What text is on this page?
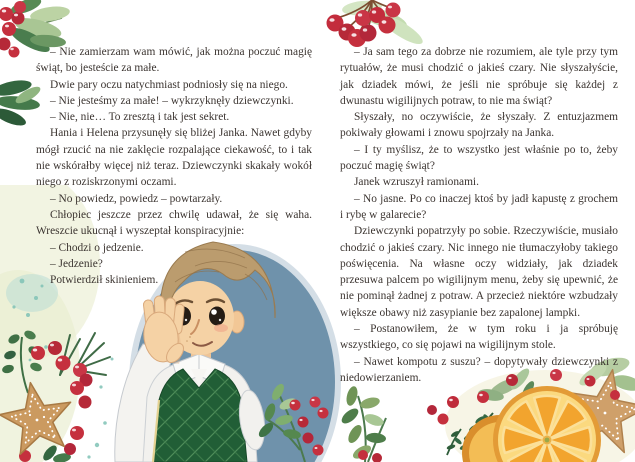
– Nie zamierzam wam mówić, jak można poczuć magię świąt, bo jesteście za małe.

Dwie pary oczu natychmiast podniosły się na niego.

– Nie jesteśmy za małe! – wykrzyknęły dziewczynki.

– Nie, nie… To zresztą i tak jest sekret.

Hania i Helena przysunęły się bliżej Janka. Nawet gdyby mógł rzucić na nie zaklęcie rozpalające ciekawość, to i tak nie wskórałby więcej niż teraz. Dziewczynki skakały wokół niego z roziskrzonymi oczami.

– No powiedz, powiedz – powtarzały.

Chłopiec jeszcze przez chwilę udawał, że się waha. Wreszcie ukucnął i wyszeptał konspiracyjnie:

– Chodzi o jedzenie.

– Jedzenie?

Potwierdził skinieniem.

– Ja sam tego za dobrze nie rozumiem, ale tyle przy tym rytuałów, że musi chodzić o jakieś czary. Nie słyszałyście, jak dziadek mówi, że jeśli nie spróbuje się każdej z dwunastu wigilijnych potraw, to nie ma świąt?

Słyszały, no oczywiście, że słyszały. Z entuzjazmem pokiwały głowami i znowu spojrzały na Janka.

– I ty myślisz, że to wszystko jest właśnie po to, żeby poczuć magię świąt?

Janek wzruszył ramionami.

– No jasne. Po co inaczej ktoś by jadł kapustę z grochem i rybę w galarecie?

Dziewczynki popatrzyły po sobie. Rzeczywiście, musiało chodzić o jakieś czary. Nic innego nie tłumaczyłoby takiego poświęcenia. Na własne oczy widziały, jak dziadek przesuwa palcem po wigilijnym menu, żeby się upewnić, że nie pominął żadnej z potraw. A przecież niektóre wzbudzały większe obawy niż zasypianie bez zapalonej lampki.

– Postanowiłem, że w tym roku i ja spróbuję wszystkiego, co się pojawi na wigilijnym stole.

– Nawet kompotu z suszu? – dopytywały dziewczynki z niedowierzaniem.
